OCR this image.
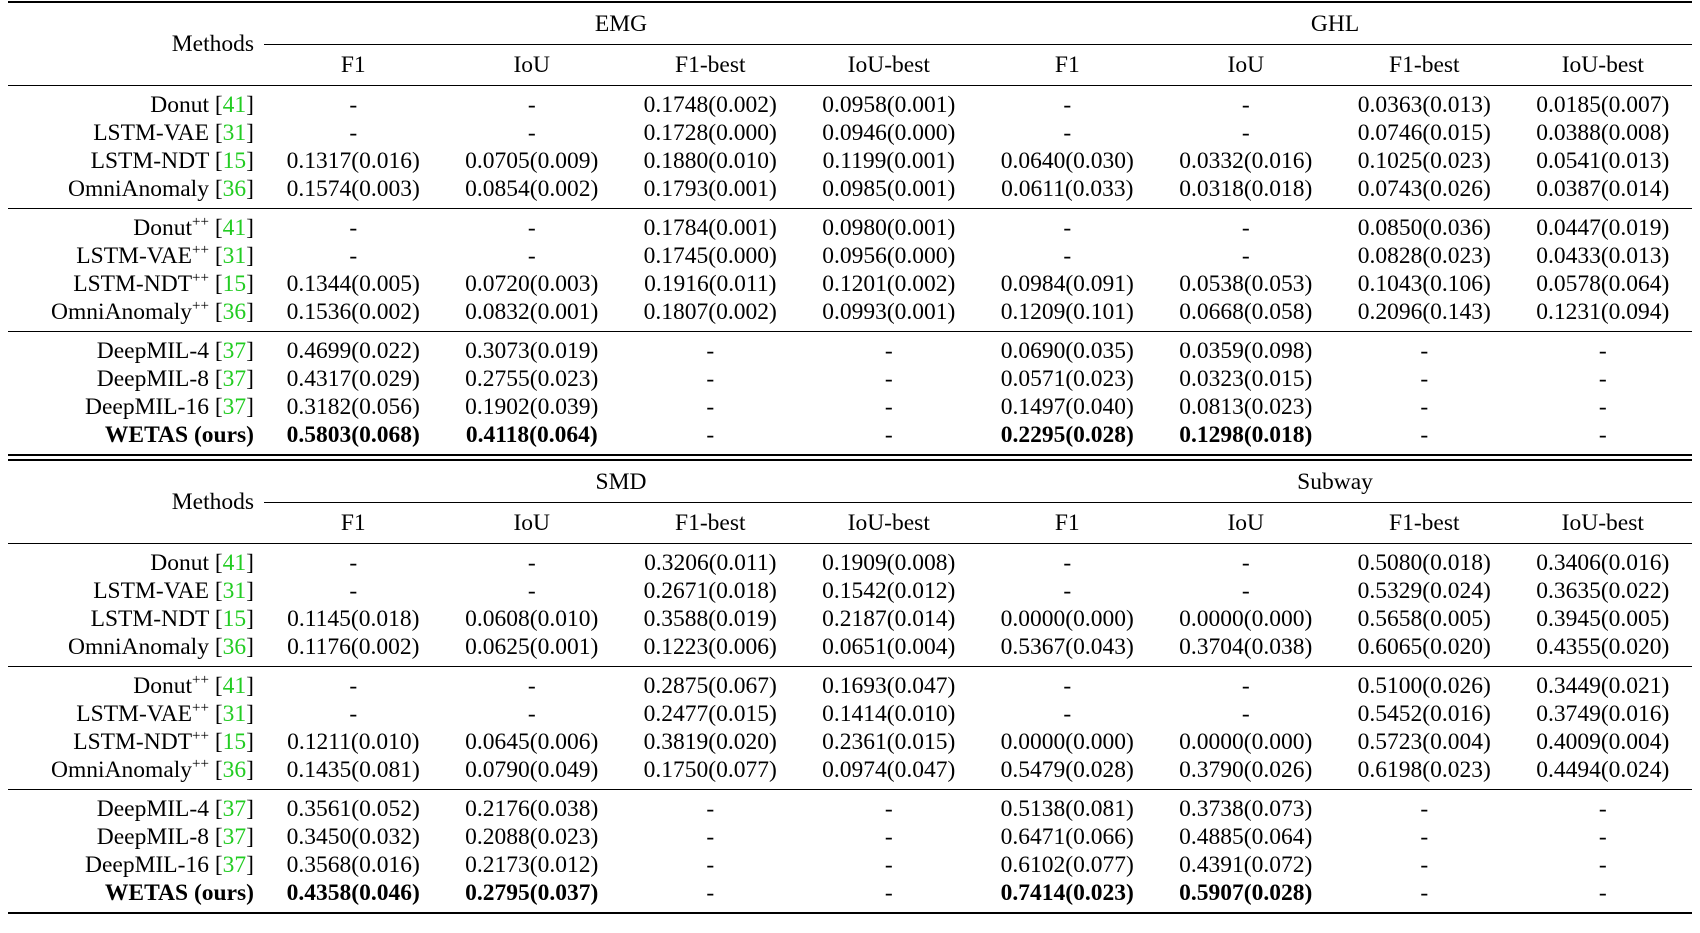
Methods	EMG				GHL			
	F1	IoU	F1-best	IoU-best	F1	IoU	F1-best	IoU-best
Donut [41]	-	-	0.1748(0.002)	0.0958(0.001)	-	-	0.0363(0.013)	0.0185(0.007)
LSTM-VAE [31]	-	-	0.1728(0.000)	0.0946(0.000)	-	-	0.0746(0.015)	0.0388(0.008)
LSTM-NDT [15]	0.1317(0.016)	0.0705(0.009)	0.1880(0.010)	0.1199(0.001)	0.0640(0.030)	0.0332(0.016)	0.1025(0.023)	0.0541(0.013)
OmniAnomaly [36]	0.1574(0.003)	0.0854(0.002)	0.1793(0.001)	0.0985(0.001)	0.0611(0.033)	0.0318(0.018)	0.0743(0.026)	0.0387(0.014)
Donut++ [41]	-	-	0.1784(0.001)	0.0980(0.001)	-	-	0.0850(0.036)	0.0447(0.019)
LSTM-VAE++ [31]	-	-	0.1745(0.000)	0.0956(0.000)	-	-	0.0828(0.023)	0.0433(0.013)
LSTM-NDT++ [15]	0.1344(0.005)	0.0720(0.003)	0.1916(0.011)	0.1201(0.002)	0.0984(0.091)	0.0538(0.053)	0.1043(0.106)	0.0578(0.064)
OmniAnomaly++ [36]	0.1536(0.002)	0.0832(0.001)	0.1807(0.002)	0.0993(0.001)	0.1209(0.101)	0.0668(0.058)	0.2096(0.143)	0.1231(0.094)
DeepMIL-4 [37]	0.4699(0.022)	0.3073(0.019)	-	-	0.0690(0.035)	0.0359(0.098)	-	-
DeepMIL-8 [37]	0.4317(0.029)	0.2755(0.023)	-	-	0.0571(0.023)	0.0323(0.015)	-	-
DeepMIL-16 [37]	0.3182(0.056)	0.1902(0.039)	-	-	0.1497(0.040)	0.0813(0.023)	-	-
WETAS (ours)	0.5803(0.068)	0.4118(0.064)	-	-	0.2295(0.028)	0.1298(0.018)	-	-
Methods	SMD				Subway			
	F1	IoU	F1-best	IoU-best	F1	IoU	F1-best	IoU-best
Donut [41]	-	-	0.3206(0.011)	0.1909(0.008)	-	-	0.5080(0.018)	0.3406(0.016)
LSTM-VAE [31]	-	-	0.2671(0.018)	0.1542(0.012)	-	-	0.5329(0.024)	0.3635(0.022)
LSTM-NDT [15]	0.1145(0.018)	0.0608(0.010)	0.3588(0.019)	0.2187(0.014)	0.0000(0.000)	0.0000(0.000)	0.5658(0.005)	0.3945(0.005)
OmniAnomaly [36]	0.1176(0.002)	0.0625(0.001)	0.1223(0.006)	0.0651(0.004)	0.5367(0.043)	0.3704(0.038)	0.6065(0.020)	0.4355(0.020)
Donut++ [41]	-	-	0.2875(0.067)	0.1693(0.047)	-	-	0.5100(0.026)	0.3449(0.021)
LSTM-VAE++ [31]	-	-	0.2477(0.015)	0.1414(0.010)	-	-	0.5452(0.016)	0.3749(0.016)
LSTM-NDT++ [15]	0.1211(0.010)	0.0645(0.006)	0.3819(0.020)	0.2361(0.015)	0.0000(0.000)	0.0000(0.000)	0.5723(0.004)	0.4009(0.004)
OmniAnomaly++ [36]	0.1435(0.081)	0.0790(0.049)	0.1750(0.077)	0.0974(0.047)	0.5479(0.028)	0.3790(0.026)	0.6198(0.023)	0.4494(0.024)
DeepMIL-4 [37]	0.3561(0.052)	0.2176(0.038)	-	-	0.5138(0.081)	0.3738(0.073)	-	-
DeepMIL-8 [37]	0.3450(0.032)	0.2088(0.023)	-	-	0.6471(0.066)	0.4885(0.064)	-	-
DeepMIL-16 [37]	0.3568(0.016)	0.2173(0.012)	-	-	0.6102(0.077)	0.4391(0.072)	-	-
WETAS (ours)	0.4358(0.046)	0.2795(0.037)	-	-	0.7414(0.023)	0.5907(0.028)	-	-
